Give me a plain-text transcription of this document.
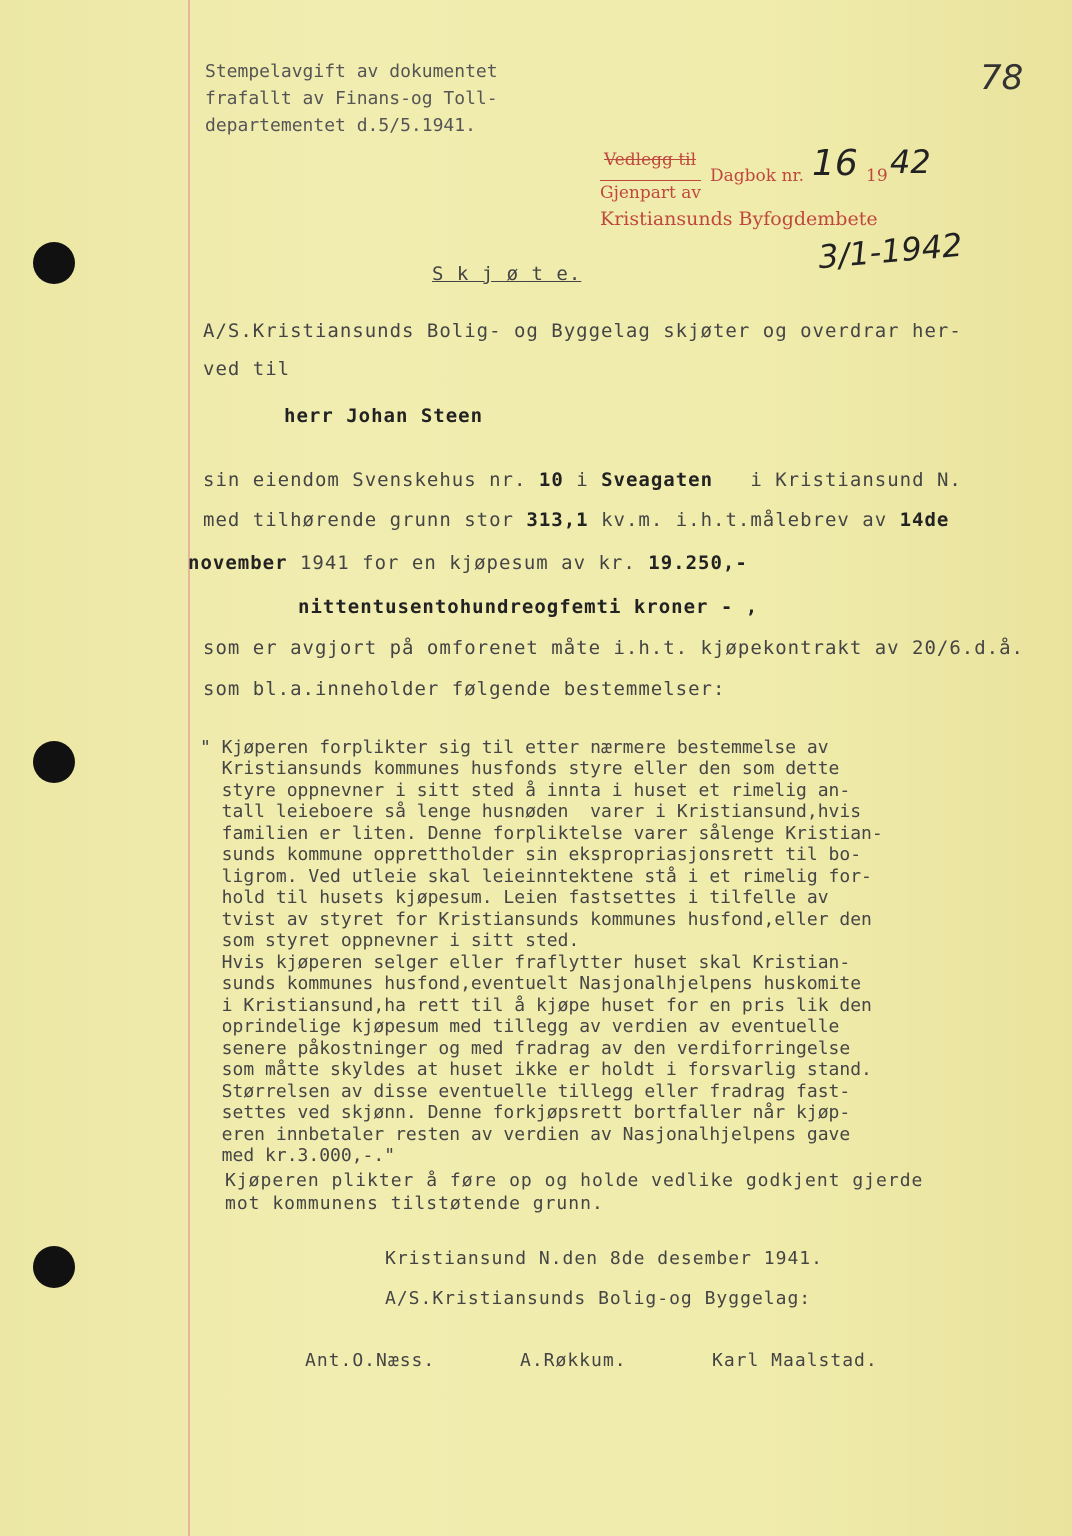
Stempelavgift av dokumentet
frafallt av Finans-og Toll-
departementet d.5/5.1941.
78
Vedlegg til
Dagbok nr. 16 19 42
Gjenpart av
Kristiansunds Byfogdembete
3/1-1942
S k j ø t e.
A/S.Kristiansunds Bolig- og Byggelag skjøter og overdrar her-
ved til
herr Johan Steen
sin eiendom Svenskehus nr. 10 i Sveagaten   i Kristiansund N.
med tilhørende grunn stor 313,1 kv.m. i.h.t.målebrev av 14de
november 1941 for en kjøpesum av kr. 19.250,-
nittentusentohundreogfemti kroner - ,
som er avgjort på omforenet måte i.h.t. kjøpekontrakt av 20/6.d.å.
som bl.a.inneholder følgende bestemmelser:

" Kjøperen forplikter sig til etter nærmere bestemmelse av
Kristiansunds kommunes husfonds styre eller den som dette
styre oppnevner i sitt sted å innta i huset et rimelig an-
tall leieboere så lenge husnøden  varer i Kristiansund,hvis
familien er liten. Denne forpliktelse varer sålenge Kristian-
sunds kommune opprettholder sin ekspropriasjonsrett til bo-
ligrom. Ved utleie skal leieinntektene stå i et rimelig for-
hold til husets kjøpesum. Leien fastsettes i tilfelle av
tvist av styret for Kristiansunds kommunes husfond,eller den
som styret oppnevner i sitt sted.
Hvis kjøperen selger eller fraflytter huset skal Kristian-
sunds kommunes husfond,eventuelt Nasjonalhjelpens huskomite
i Kristiansund,ha rett til å kjøpe huset for en pris lik den
oprindelige kjøpesum med tillegg av verdien av eventuelle
senere påkostninger og med fradrag av den verdiforringelse
som måtte skyldes at huset ikke er holdt i forsvarlig stand.
Størrelsen av disse eventuelle tillegg eller fradrag fast-
settes ved skjønn. Denne forkjøpsrett bortfaller når kjøp-
eren innbetaler resten av verdien av Nasjonalhjelpens gave
med kr.3.000,-."

Kjøperen plikter å føre op og holde vedlike godkjent gjerde
mot kommunens tilstøtende grunn.
Kristiansund N.den 8de desember 1941.
A/S.Kristiansunds Bolig-og Byggelag:
Ant.O.Næss.	A.Røkkum.	Karl Maalstad.
